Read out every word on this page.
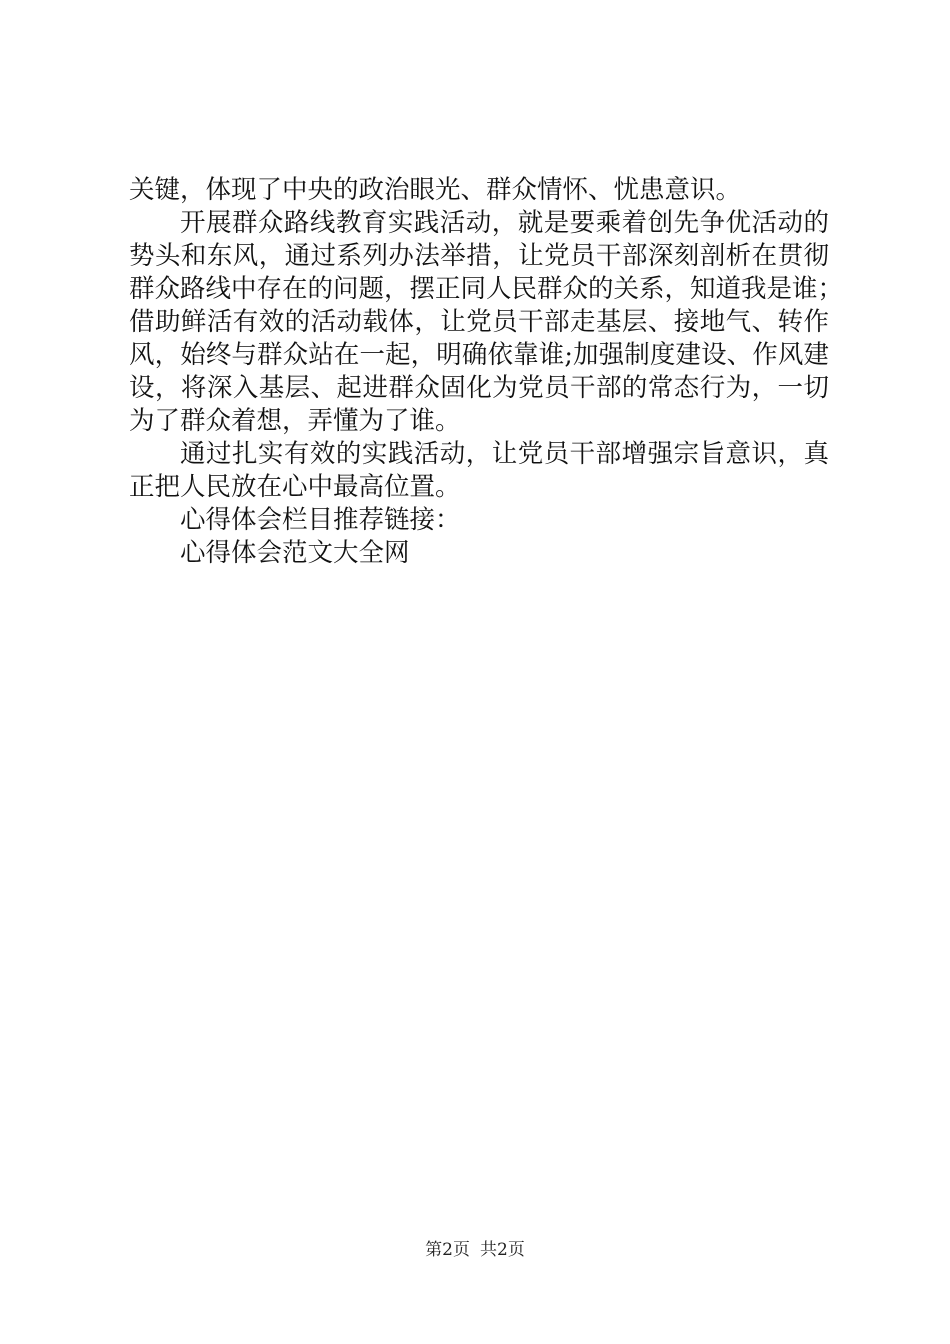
关键，体现了中央的政治眼光、群众情怀、忧患意识。
开展群众路线教育实践活动，就是要乘着创先争优活动的
势头和东风，通过系列办法举措，让党员干部深刻剖析在贯彻
群众路线中存在的问题，摆正同人民群众的关系，知道我是谁；
借助鲜活有效的活动载体，让党员干部走基层、接地气、转作
风，始终与群众站在一起，明确依靠谁;加强制度建设、作风建
设，将深入基层、起进群众固化为党员干部的常态行为，一切
为了群众着想，弄懂为了谁。
通过扎实有效的实践活动，让党员干部增强宗旨意识，真
正把人民放在心中最高位置。
心得体会栏目推荐链接：
心得体会范文大全网
第2页 共2页
